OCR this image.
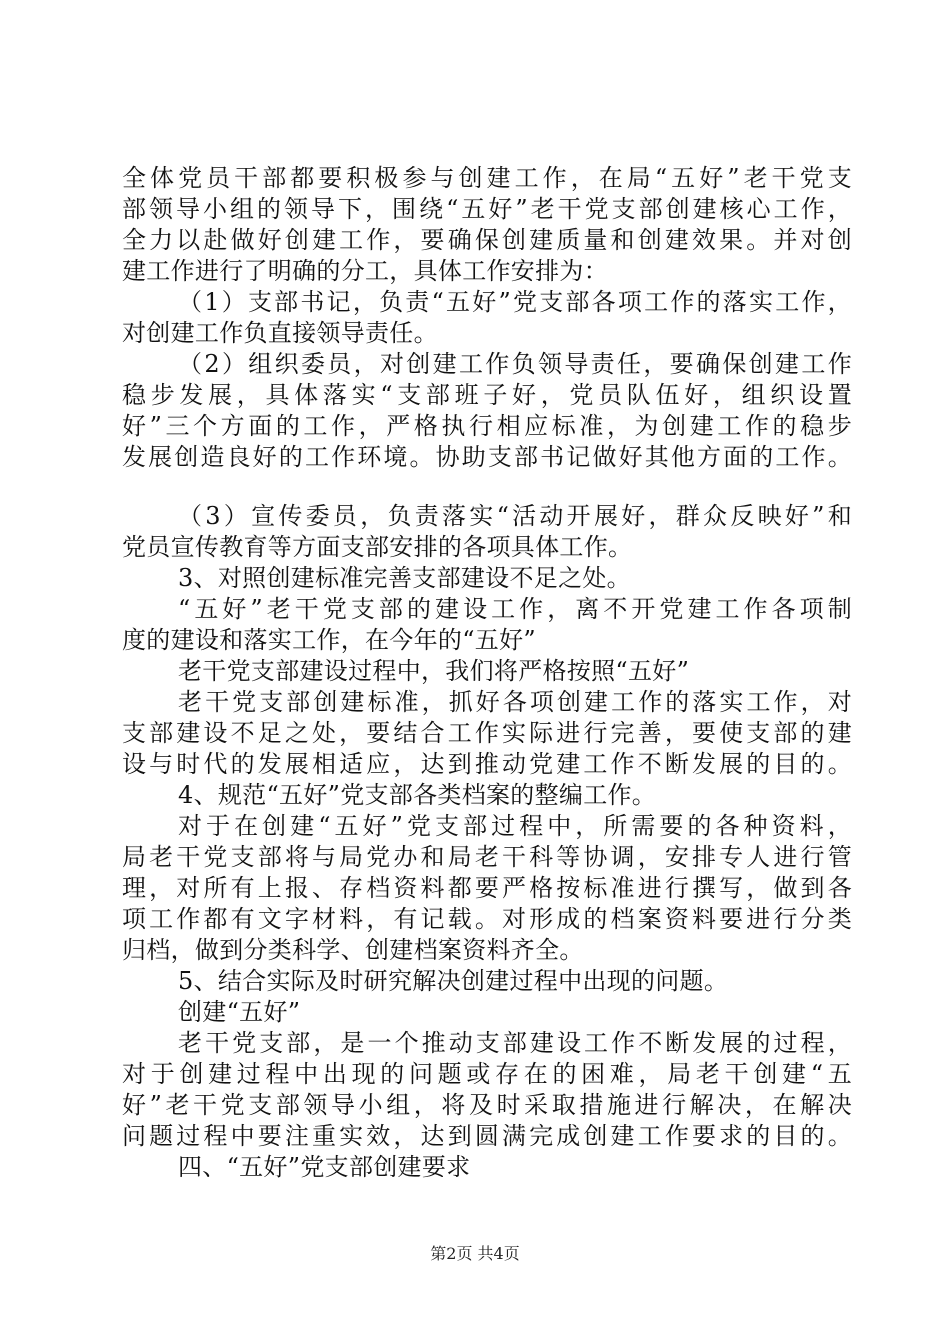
全体党员干部都要积极参与创建工作，在局“五好”老干党支
部领导小组的领导下，围绕“五好”老干党支部创建核心工作，
全力以赴做好创建工作，要确保创建质量和创建效果。并对创
建工作进行了明确的分工，具体工作安排为：
（1）支部书记，负责“五好”党支部各项工作的落实工作，
对创建工作负直接领导责任。
（2）组织委员，对创建工作负领导责任，要确保创建工作
稳步发展，具体落实“支部班子好，党员队伍好，组织设置
好”三个方面的工作，严格执行相应标准，为创建工作的稳步
发展创造良好的工作环境。协助支部书记做好其他方面的工作。
（3）宣传委员，负责落实“活动开展好，群众反映好”和
党员宣传教育等方面支部安排的各项具体工作。
3、对照创建标准完善支部建设不足之处。
“五好”老干党支部的建设工作，离不开党建工作各项制
度的建设和落实工作，在今年的“五好”
老干党支部建设过程中，我们将严格按照“五好”
老干党支部创建标准，抓好各项创建工作的落实工作，对
支部建设不足之处，要结合工作实际进行完善，要使支部的建
设与时代的发展相适应，达到推动党建工作不断发展的目的。
4、规范“五好”党支部各类档案的整编工作。
对于在创建“五好”党支部过程中，所需要的各种资料，
局老干党支部将与局党办和局老干科等协调，安排专人进行管
理，对所有上报、存档资料都要严格按标准进行撰写，做到各
项工作都有文字材料，有记载。对形成的档案资料要进行分类
归档，做到分类科学、创建档案资料齐全。
5、结合实际及时研究解决创建过程中出现的问题。
创建“五好”
老干党支部，是一个推动支部建设工作不断发展的过程，
对于创建过程中出现的问题或存在的困难，局老干创建“五
好”老干党支部领导小组，将及时采取措施进行解决，在解决
问题过程中要注重实效，达到圆满完成创建工作要求的目的。
四、“五好”党支部创建要求
第2页 共4页
